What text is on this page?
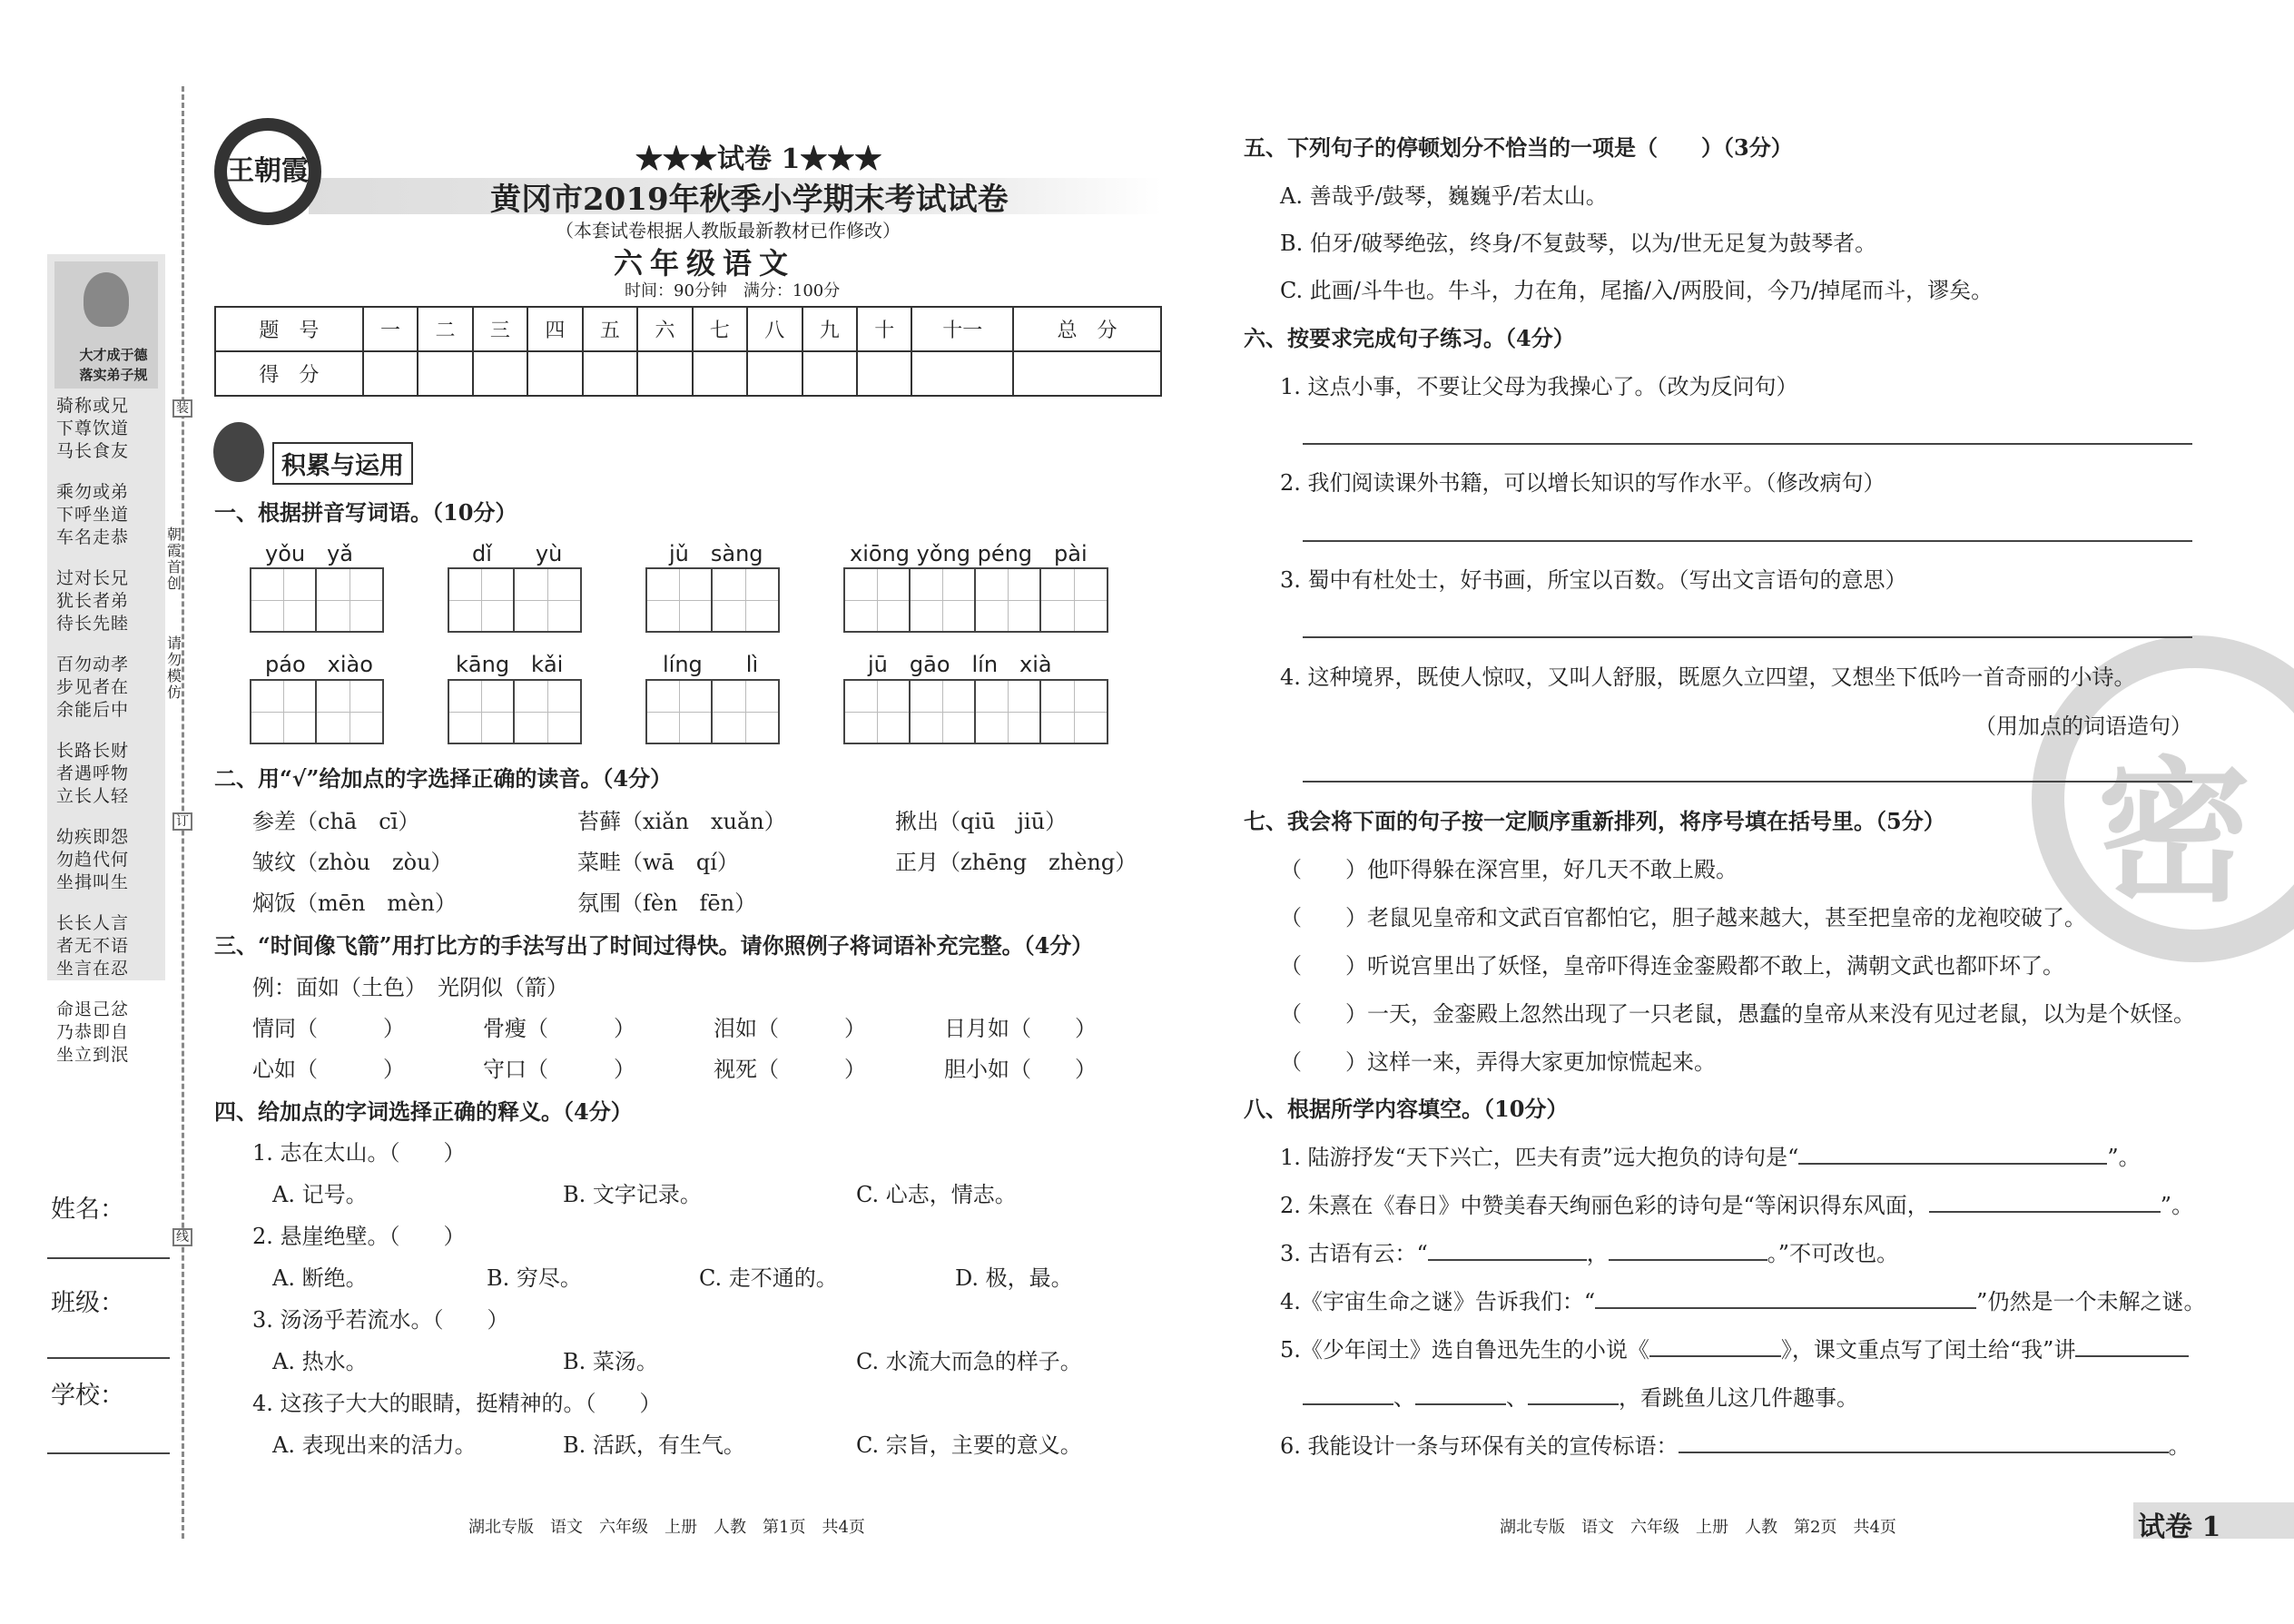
大才成于德
落实弟子规
骑称或兄
下尊饮道
马长食友
乘勿或弟
下呼坐道
车名走恭
过对长兄
犹长者弟
待长先睦
百勿动孝
步见者在
余能后中
长路长财
者遇呼物
立长人轻
幼疾即怨
勿趋代何
坐揖叫生
长长人言
者无不语
坐言在忍
命退己忿
乃恭即自
坐立到泯
装
订
线
朝霞首创
请勿模仿
姓名：
班级：
学校：
王朝霞	★★★试卷 1★★★
黄冈市2019年秋季小学期末考试试卷
（本套试卷根据人教版最新教材已作修改）
六年级语文
时间：90分钟　满分：100分
题　号	一	二	三	四	五	六	七	八	九	十	十一	总　分
得　分												
积累与运用
一、根据拼音写词语。（10分）
yǒu　yǎ	dǐ　　yù	jǔ　sàng	xiōng yǒng péng　pài
páo　xiào	kāng　kǎi	líng　　lì	jū　gāo　lín　xià
二、用“√”给加点的字选择正确的读音。（4分）
参差（chā　cī）	苔藓（xiǎn　xuǎn）	揪出（qiū　jiū）
皱纹（zhòu　zòu）	菜畦（wā　qí）	正月（zhēng　zhèng）
焖饭（mēn　mèn）	氛围（fèn　fēn）
三、“时间像飞箭”用打比方的手法写出了时间过得快。请你照例子将词语补充完整。（4分）
例：面如（土色）　光阴似（箭）
情同（　　　）	骨瘦（　　　）	泪如（　　　）	日月如（　　）
心如（　　　）	守口（　　　）	视死（　　　）	胆小如（　　）
四、给加点的字词选择正确的释义。（4分）
1. 志在太山。（　　）
A. 记号。	B. 文字记录。	C. 心志，情志。
2. 悬崖绝壁。（　　）
A. 断绝。	B. 穷尽。	C. 走不通的。	D. 极，最。
3. 汤汤乎若流水。（　　）
A. 热水。	B. 菜汤。	C. 水流大而急的样子。
4. 这孩子大大的眼睛，挺精神的。（　　）
A. 表现出来的活力。	B. 活跃，有生气。	C. 宗旨，主要的意义。
湖北专版　语文　六年级　上册　人教　第1页　共4页
密
五、下列句子的停顿划分不恰当的一项是（　　）（3分）
A. 善哉乎/鼓琴，巍巍乎/若太山。
B. 伯牙/破琴绝弦，终身/不复鼓琴，以为/世无足复为鼓琴者。
C. 此画/斗牛也。牛斗，力在角，尾搐/入/两股间，今乃/掉尾而斗，谬矣。
六、按要求完成句子练习。（4分）
1. 这点小事，不要让父母为我操心了。（改为反问句）
2. 我们阅读课外书籍，可以增长知识的写作水平。（修改病句）
3. 蜀中有杜处士，好书画，所宝以百数。（写出文言语句的意思）
4. 这种境界，既使人惊叹，又叫人舒服，既愿久立四望，又想坐下低吟一首奇丽的小诗。
（用加点的词语造句）
七、我会将下面的句子按一定顺序重新排列，将序号填在括号里。（5分）
（　　）他吓得躲在深宫里，好几天不敢上殿。
（　　）老鼠见皇帝和文武百官都怕它，胆子越来越大，甚至把皇帝的龙袍咬破了。
（　　）听说宫里出了妖怪，皇帝吓得连金銮殿都不敢上，满朝文武也都吓坏了。
（　　）一天，金銮殿上忽然出现了一只老鼠，愚蠢的皇帝从来没有见过老鼠，以为是个妖怪。
（　　）这样一来，弄得大家更加惊慌起来。
八、根据所学内容填空。（10分）
1. 陆游抒发“天下兴亡，匹夫有责”远大抱负的诗句是“	”。
2. 朱熹在《春日》中赞美春天绚丽色彩的诗句是“等闲识得东风面，	”。
3. 古语有云：“	，	。”不可改也。
4.《宇宙生命之谜》告诉我们：“	”仍然是一个未解之谜。
5.《少年闰土》选自鲁迅先生的小说《	》，课文重点写了闰土给“我”讲
、	、	，看跳鱼儿这几件趣事。
6. 我能设计一条与环保有关的宣传标语：	。
湖北专版　语文　六年级　上册　人教　第2页　共4页	试卷 1
